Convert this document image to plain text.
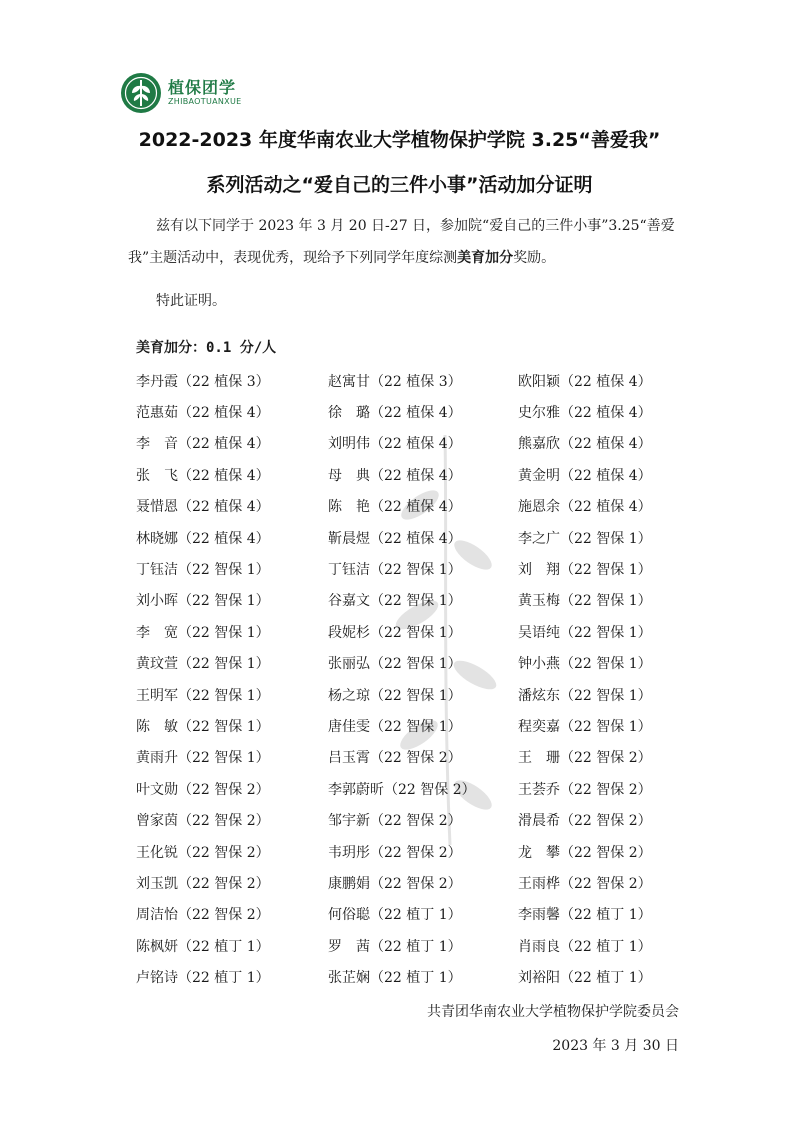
植保团学
ZHIBAOTUANXUE
2022-2023 年度华南农业大学植物保护学院 3.25“善爱我”
系列活动之“爱自己的三件小事”活动加分证明
兹有以下同学于 2023 年 3 月 20 日-27 日，参加院“爱自己的三件小事”3.25“善爱我”主题活动中，表现优秀，现给予下列同学年度综测美育加分奖励。
特此证明。
美育加分：0.1 分/人
李丹霞（22 植保 3）	赵寓甘（22 植保 3）	欧阳颖（22 植保 4）
范惠茹（22 植保 4）	徐　璐（22 植保 4）	史尔雅（22 植保 4）
李　音（22 植保 4）	刘明伟（22 植保 4）	熊嘉欣（22 植保 4）
张　飞（22 植保 4）	母　典（22 植保 4）	黄金明（22 植保 4）
聂惜恩（22 植保 4）	陈　艳（22 植保 4）	施恩余（22 植保 4）
林晓娜（22 植保 4）	靳晨煜（22 植保 4）	李之广（22 智保 1）
丁钰洁（22 智保 1）	丁钰洁（22 智保 1）	刘　翔（22 智保 1）
刘小晖（22 智保 1）	谷嘉文（22 智保 1）	黄玉梅（22 智保 1）
李　宽（22 智保 1）	段妮杉（22 智保 1）	吴语纯（22 智保 1）
黄玟萱（22 智保 1）	张丽弘（22 智保 1）	钟小燕（22 智保 1）
王明军（22 智保 1）	杨之琼（22 智保 1）	潘炫东（22 智保 1）
陈　敏（22 智保 1）	唐佳雯（22 智保 1）	程奕嘉（22 智保 1）
黄雨升（22 智保 1）	吕玉霄（22 智保 2）	王　珊（22 智保 2）
叶文勋（22 智保 2）	李郭蔚昕（22 智保 2）	王荟乔（22 智保 2）
曾家茵（22 智保 2）	邹宇新（22 智保 2）	滑晨希（22 智保 2）
王化锐（22 智保 2）	韦玥彤（22 智保 2）	龙　攀（22 智保 2）
刘玉凯（22 智保 2）	康鹏娟（22 智保 2）	王雨桦（22 智保 2）
周洁怡（22 智保 2）	何俗聪（22 植丁 1）	李雨馨（22 植丁 1）
陈枫妍（22 植丁 1）	罗　茜（22 植丁 1）	肖雨良（22 植丁 1）
卢铭诗（22 植丁 1）	张芷娴（22 植丁 1）	刘裕阳（22 植丁 1）
共青团华南农业大学植物保护学院委员会
2023 年 3 月 30 日
